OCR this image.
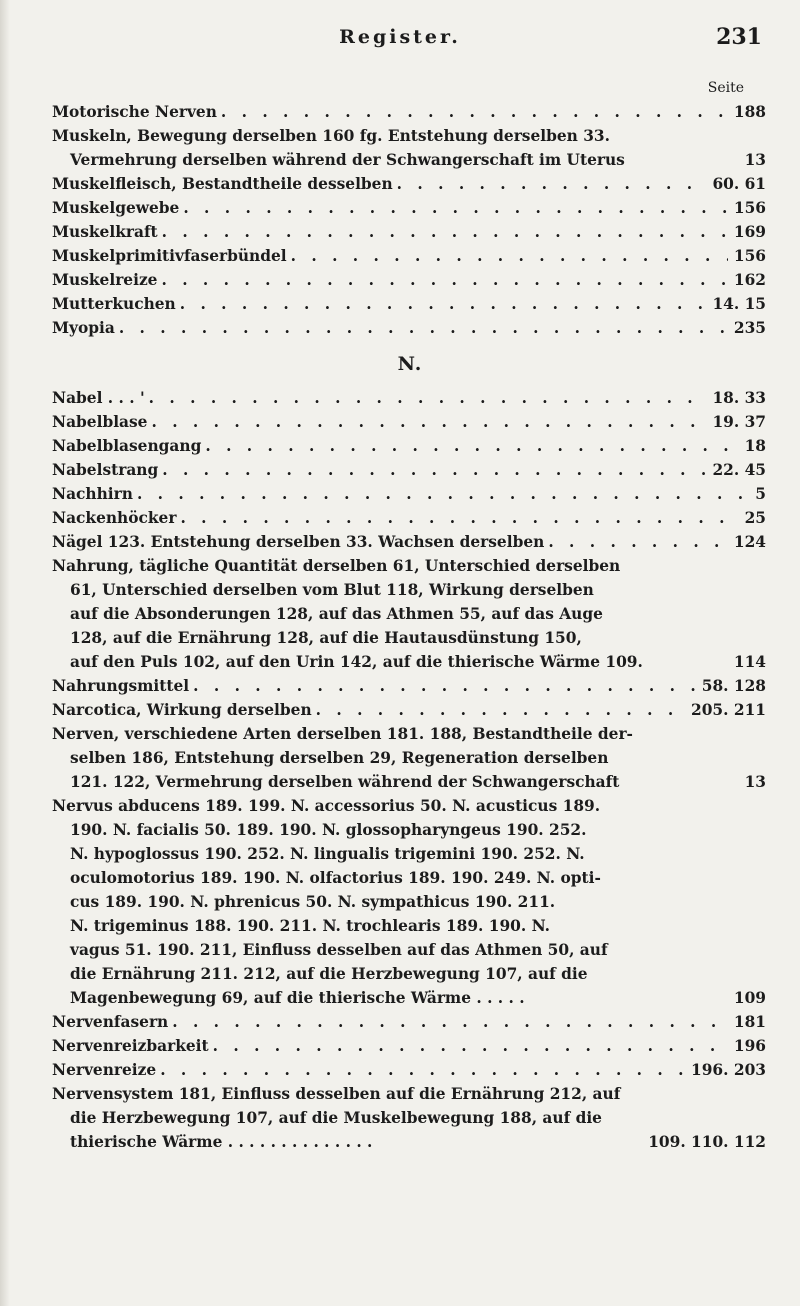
Register.	231
Seite
Motorische Nerven . . .	188
Muskeln, Bewegung derselben 160 fg. Entstehung derselben 33.
Vermehrung derselben während der Schwangerschaft im Uterus	13
Muskelfleisch, Bestandtheile desselben . . .	60. 61
Muskelgewebe . . .	156
Muskelkraft . . .	169
Muskelprimitivfaserbündel . . .	156
Muskelreize . . .	162
Mutterkuchen . . .	14. 15
Myopia . . .	235
N.
Nabel . . . ' . . .	18. 33
Nabelblase . . .	19. 37
Nabelblasengang . . .	18
Nabelstrang . . .	22. 45
Nachhirn . . .	5
Nackenhöcker . . .	25
Nägel 123. Entstehung derselben 33. Wachsen derselben . . .	124
Nahrung, tägliche Quantität derselben 61, Unterschied derselben
61, Unterschied derselben vom Blut 118, Wirkung derselben
auf die Absonderungen 128, auf das Athmen 55, auf das Auge
128, auf die Ernährung 128, auf die Hautausdünstung 150,
auf den Puls 102, auf den Urin 142, auf die thierische Wärme 109.	114
Nahrungsmittel . . .	58. 128
Narcotica, Wirkung derselben . . .	205. 211
Nerven, verschiedene Arten derselben 181. 188, Bestandtheile der-
selben 186, Entstehung derselben 29, Regeneration derselben
121. 122, Vermehrung derselben während der Schwangerschaft	13
Nervus abducens 189. 199. N. accessorius 50. N. acusticus 189.
190. N. facialis 50. 189. 190. N. glossopharyngeus 190. 252.
N. hypoglossus 190. 252. N. lingualis trigemini 190. 252. N.
oculomotorius 189. 190. N. olfactorius 189. 190. 249. N. opti-
cus 189. 190. N. phrenicus 50. N. sympathicus 190. 211.
N. trigeminus 188. 190. 211. N. trochlearis 189. 190. N.
vagus 51. 190. 211, Einfluss desselben auf das Athmen 50, auf
die Ernährung 211. 212, auf die Herzbewegung 107, auf die
Magenbewegung 69, auf die thierische Wärme . . . . .	109
Nervenfasern . . .	181
Nervenreizbarkeit . . .	196
Nervenreize . . .	196. 203
Nervensystem 181, Einfluss desselben auf die Ernährung 212, auf
die Herzbewegung 107, auf die Muskelbewegung 188, auf die
thierische Wärme . . . . . . . . . . . . . .	109. 110. 112
